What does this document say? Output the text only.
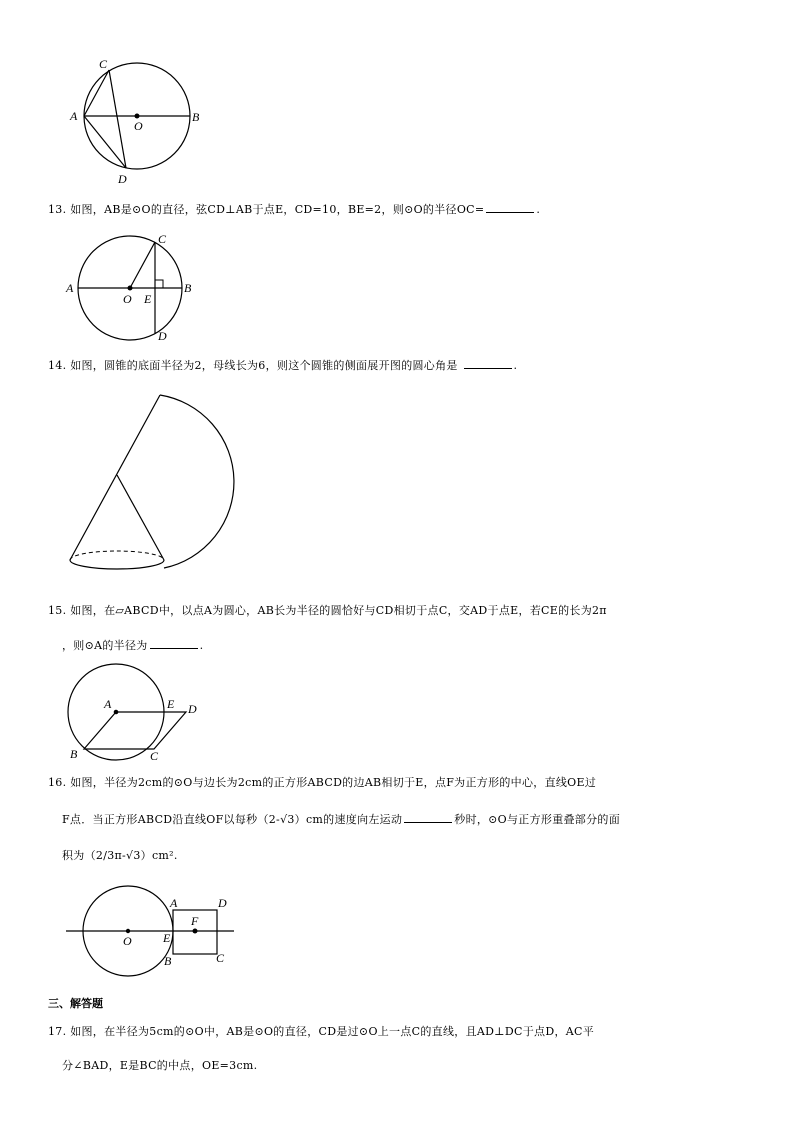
A	B
C
D
O
13. 如图，AB是⊙O的直径，弦CD⊥AB于点E，CD=10，BE=2，则⊙O的半径OC=	.
A	B
C
D
O E
14. 如图，圆锥的底面半径为2，母线长为6，则这个圆锥的侧面展开图的圆心角是	.
15. 如图，在▱ABCD中，以点A为圆心，AB长为半径的圆恰好与CD相切于点C，交AD于点E，若CE的长为2π
，则⊙A的半径为	.
A
B	C
D
E
16. 如图，半径为2cm的⊙O与边长为2cm的正方形ABCD的边AB相切于E，点F为正方形的中心，直线OE过
F点．当正方形ABCD沿直线OF以每秒（2-√3）cm的速度向左运动	秒时，⊙O与正方形重叠部分的面
积为（2/3π-√3）cm².
O
F
A	D
B	C
E
三、解答题
17. 如图，在半径为5cm的⊙O中，AB是⊙O的直径，CD是过⊙O上一点C的直线，且AD⊥DC于点D，AC平
分∠BAD，E是BC的中点，OE=3cm.
